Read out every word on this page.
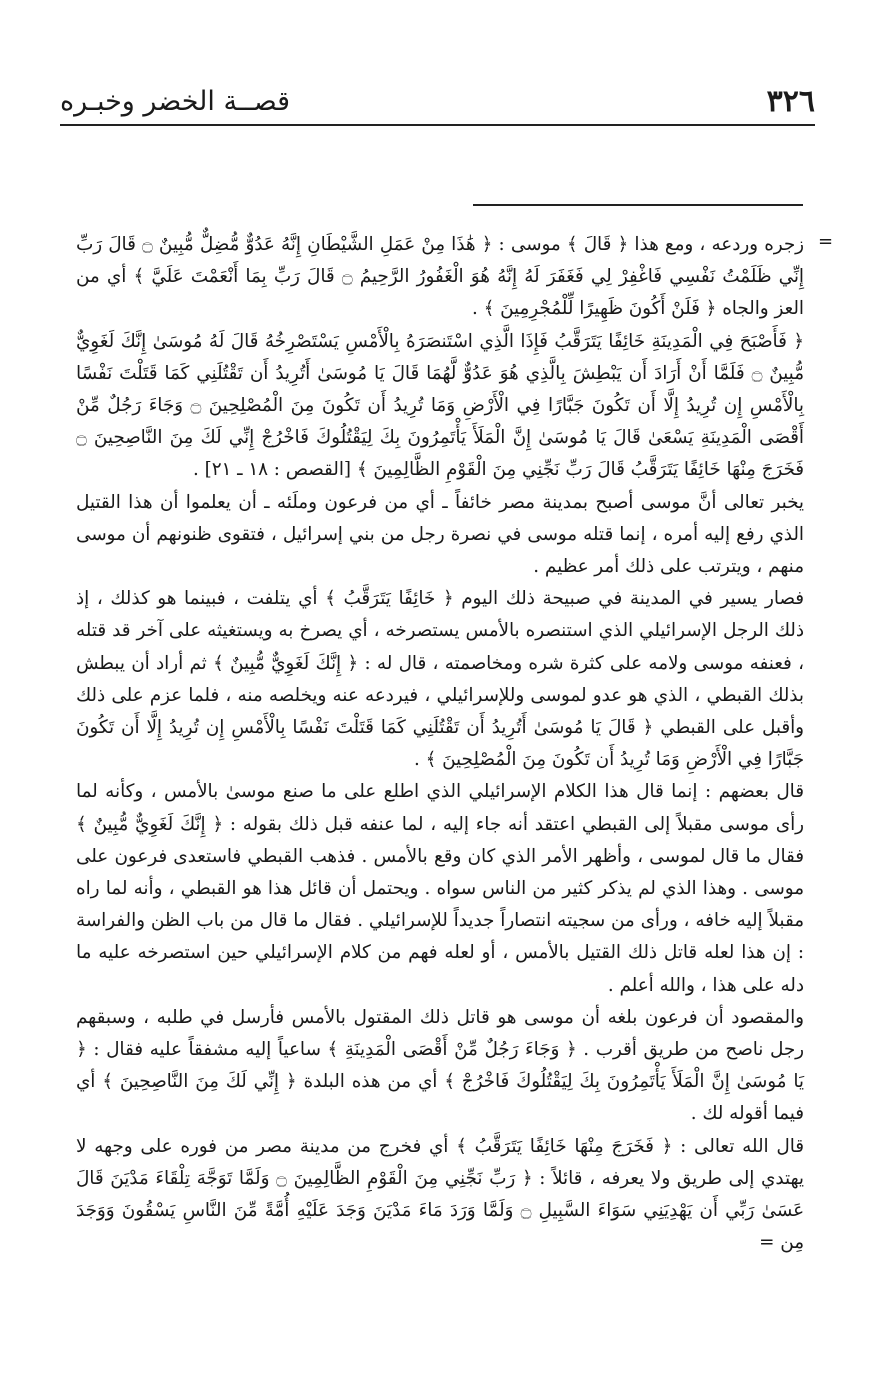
٣٢٦
قصــة الخضر وخبـره
=

زجره وردعه ، ومع هذا ﴿ قَالَ ﴾ موسى : ﴿ هَٰذَا مِنْ عَمَلِ الشَّيْطَانِ إِنَّهُ عَدُوٌّ مُّضِلٌّ مُّبِينٌ ۝ قَالَ رَبِّ إِنِّي ظَلَمْتُ نَفْسِي فَاغْفِرْ لِي فَغَفَرَ لَهُ إِنَّهُ هُوَ الْغَفُورُ الرَّحِيمُ ۝ قَالَ رَبِّ بِمَا أَنْعَمْتَ عَلَيَّ ﴾ أي من العز والجاه ﴿ فَلَنْ أَكُونَ ظَهِيرًا لِّلْمُجْرِمِينَ ﴾ .

﴿ فَأَصْبَحَ فِي الْمَدِينَةِ خَائِفًا يَتَرَقَّبُ فَإِذَا الَّذِي اسْتَنصَرَهُ بِالْأَمْسِ يَسْتَصْرِخُهُ قَالَ لَهُ مُوسَىٰ إِنَّكَ لَغَوِيٌّ مُّبِينٌ ۝ فَلَمَّا أَنْ أَرَادَ أَن يَبْطِشَ بِالَّذِي هُوَ عَدُوٌّ لَّهُمَا قَالَ يَا مُوسَىٰ أَتُرِيدُ أَن تَقْتُلَنِي كَمَا قَتَلْتَ نَفْسًا بِالْأَمْسِ إِن تُرِيدُ إِلَّا أَن تَكُونَ جَبَّارًا فِي الْأَرْضِ وَمَا تُرِيدُ أَن تَكُونَ مِنَ الْمُصْلِحِينَ ۝ وَجَاءَ رَجُلٌ مِّنْ أَقْصَى الْمَدِينَةِ يَسْعَىٰ قَالَ يَا مُوسَىٰ إِنَّ الْمَلَأَ يَأْتَمِرُونَ بِكَ لِيَقْتُلُوكَ فَاخْرُجْ إِنِّي لَكَ مِنَ النَّاصِحِينَ ۝ فَخَرَجَ مِنْهَا خَائِفًا يَتَرَقَّبُ قَالَ رَبِّ نَجِّنِي مِنَ الْقَوْمِ الظَّالِمِينَ ﴾ [القصص : ١٨ ـ ٢١] .

يخبر تعالى أنَّ موسى أصبح بمدينة مصر خائفاً ـ أي من فرعون وملَئه ـ أن يعلموا أن هذا القتيل الذي رفع إليه أمره ، إنما قتله موسى في نصرة رجل من بني إسرائيل ، فتقوى ظنونهم أن موسى منهم ، ويترتب على ذلك أمر عظيم .

فصار يسير في المدينة في صبيحة ذلك اليوم ﴿ خَائِفًا يَتَرَقَّبُ ﴾ أي يتلفت ، فبينما هو كذلك ، إذ ذلك الرجل الإسرائيلي الذي استنصره بالأمس يستصرخه ، أي يصرخ به ويستغيثه على آخر قد قتله ، فعنفه موسى ولامه على كثرة شره ومخاصمته ، قال له : ﴿ إِنَّكَ لَغَوِيٌّ مُّبِينٌ ﴾ ثم أراد أن يبطش بذلك القبطي ، الذي هو عدو لموسى وللإسرائيلي ، فيردعه عنه ويخلصه منه ، فلما عزم على ذلك وأقبل على القبطي ﴿ قَالَ يَا مُوسَىٰ أَتُرِيدُ أَن تَقْتُلَنِي كَمَا قَتَلْتَ نَفْسًا بِالْأَمْسِ إِن تُرِيدُ إِلَّا أَن تَكُونَ جَبَّارًا فِي الْأَرْضِ وَمَا تُرِيدُ أَن تَكُونَ مِنَ الْمُصْلِحِينَ ﴾ .

قال بعضهم : إنما قال هذا الكلام الإسرائيلي الذي اطلع على ما صنع موسىٰ بالأمس ، وكأنه لما رأى موسى مقبلاً إلى القبطي اعتقد أنه جاء إليه ، لما عنفه قبل ذلك بقوله : ﴿ إِنَّكَ لَغَوِيٌّ مُّبِينٌ ﴾ فقال ما قال لموسى ، وأظهر الأمر الذي كان وقع بالأمس . فذهب القبطي فاستعدى فرعون على موسى . وهذا الذي لم يذكر كثير من الناس سواه . ويحتمل أن قائل هذا هو القبطي ، وأنه لما راه مقبلاً إليه خافه ، ورأى من سجيته انتصاراً جديداً للإسرائيلي . فقال ما قال من باب الظن والفراسة : إن هذا لعله قاتل ذلك القتيل بالأمس ، أو لعله فهم من كلام الإسرائيلي حين استصرخه عليه ما دله على هذا ، والله أعلم .

والمقصود أن فرعون بلغه أن موسى هو قاتل ذلك المقتول بالأمس فأرسل في طلبه ، وسبقهم رجل ناصح من طريق أقرب . ﴿ وَجَاءَ رَجُلٌ مِّنْ أَقْصَى الْمَدِينَةِ ﴾ ساعياً إليه مشفقاً عليه فقال : ﴿ يَا مُوسَىٰ إِنَّ الْمَلَأَ يَأْتَمِرُونَ بِكَ لِيَقْتُلُوكَ فَاخْرُجْ ﴾ أي من هذه البلدة ﴿ إِنِّي لَكَ مِنَ النَّاصِحِينَ ﴾ أي فيما أقوله لك .

قال الله تعالى : ﴿ فَخَرَجَ مِنْهَا خَائِفًا يَتَرَقَّبُ ﴾ أي فخرج من مدينة مصر من فوره على وجهه لا يهتدي إلى طريق ولا يعرفه ، قائلاً : ﴿ رَبِّ نَجِّنِي مِنَ الْقَوْمِ الظَّالِمِينَ ۝ وَلَمَّا تَوَجَّهَ تِلْقَاءَ مَدْيَنَ قَالَ عَسَىٰ رَبِّي أَن يَهْدِيَنِي سَوَاءَ السَّبِيلِ ۝ وَلَمَّا وَرَدَ مَاءَ مَدْيَنَ وَجَدَ عَلَيْهِ أُمَّةً مِّنَ النَّاسِ يَسْقُونَ وَوَجَدَ مِن =
